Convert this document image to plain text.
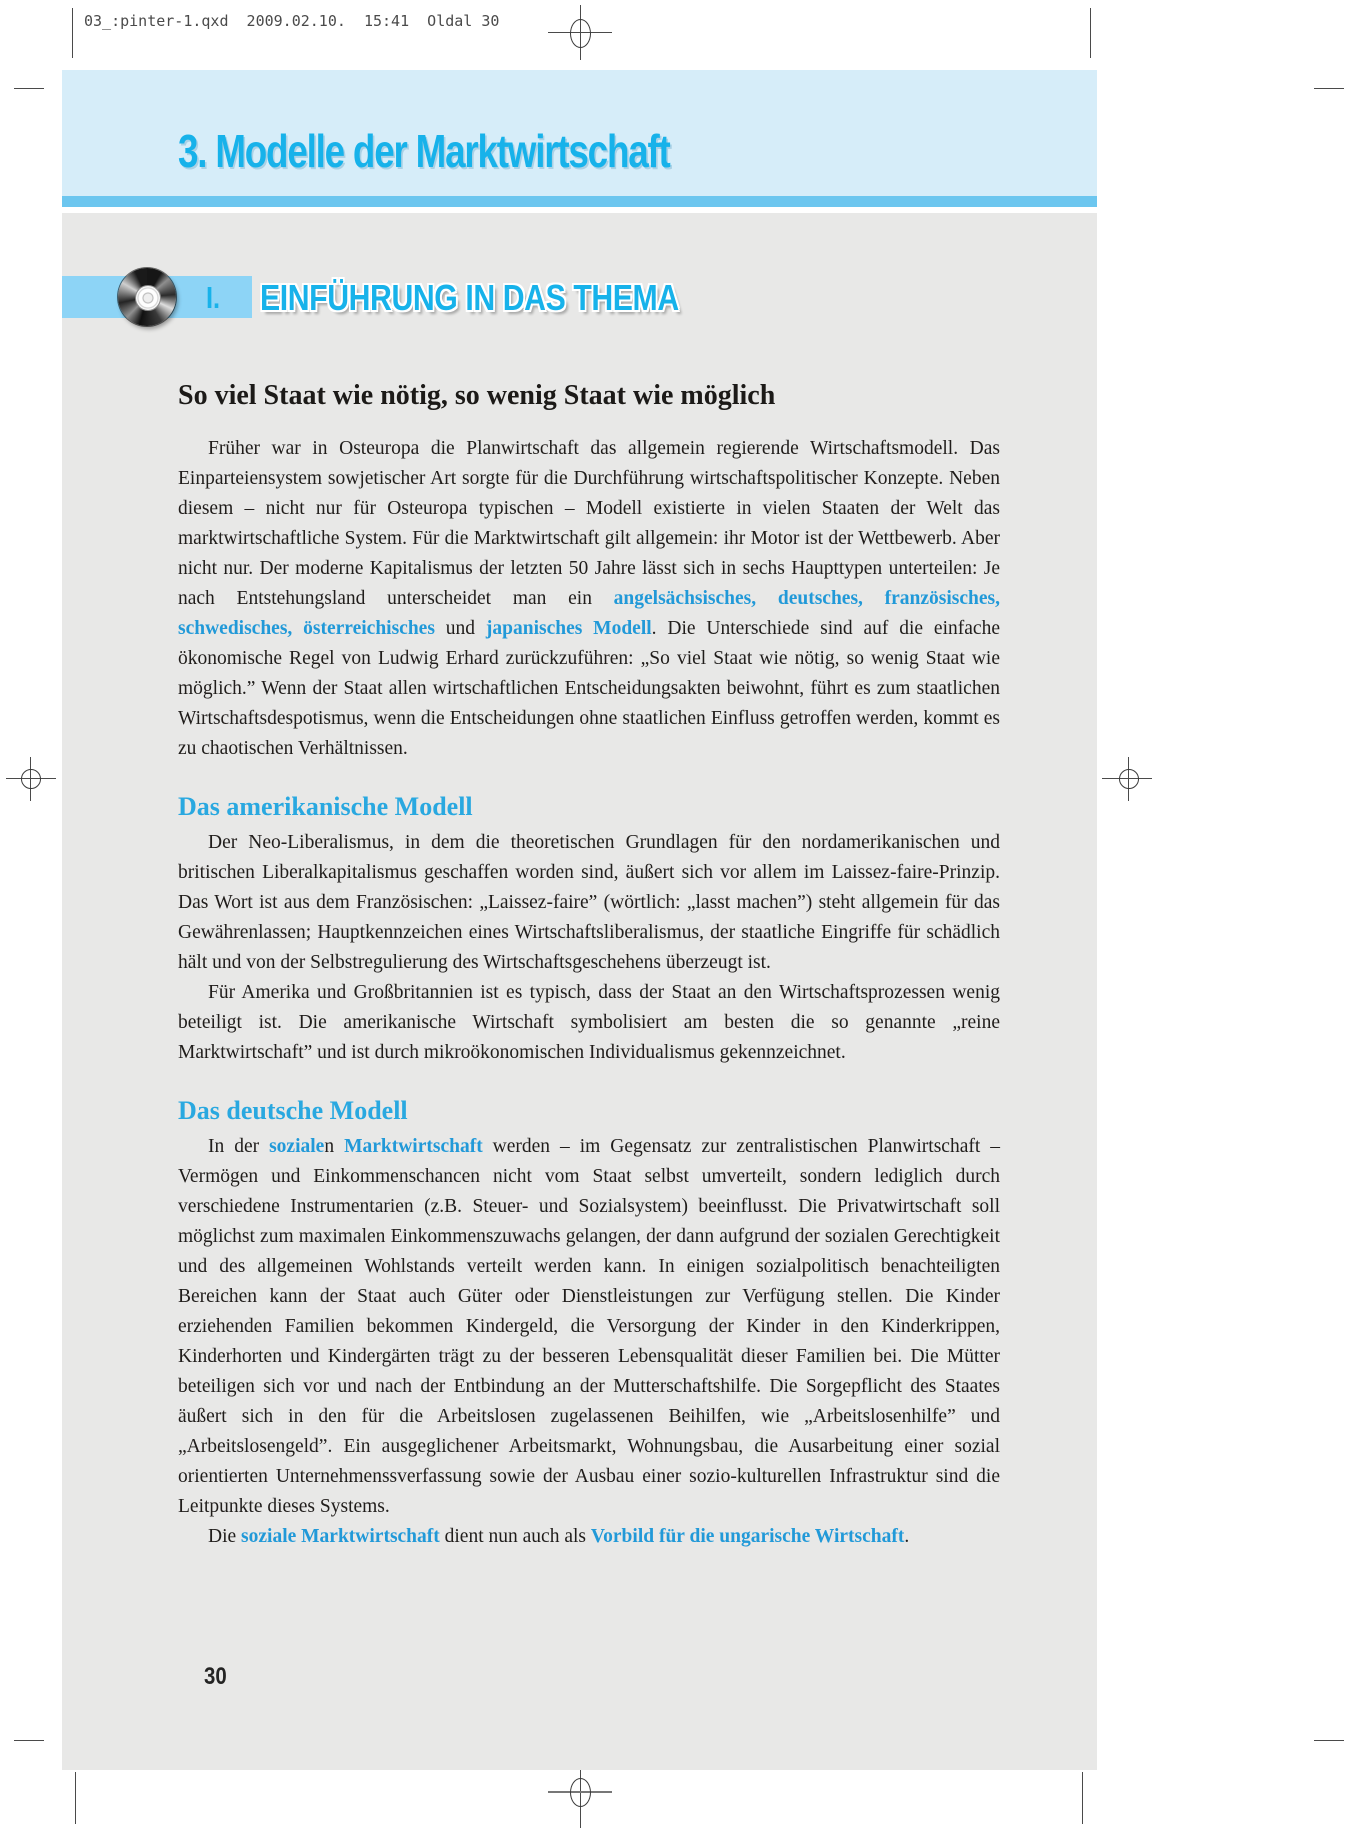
03_:pinter-1.qxd  2009.02.10.  15:41  Oldal 30
3. Modelle der Marktwirtschaft
I. EINFÜHRUNG IN DAS THEMA
So viel Staat wie nötig, so wenig Staat wie möglich

Früher war in Osteuropa die Planwirtschaft das allgemein regierende Wirtschaftsmodell. Das Einparteiensystem sowjetischer Art sorgte für die Durchführung wirtschaftspolitischer Konzepte. Neben diesem – nicht nur für Osteuropa typischen – Modell existierte in vielen Staaten der Welt das marktwirtschaftliche System. Für die Marktwirtschaft gilt allgemein: ihr Motor ist der Wettbewerb. Aber nicht nur. Der moderne Kapitalismus der letzten 50 Jahre lässt sich in sechs Haupttypen unterteilen: Je nach Entstehungsland unterscheidet man ein angelsächsisches, deutsches, französisches, schwedisches, österreichisches und japanisches Modell. Die Unterschiede sind auf die einfache ökonomische Regel von Ludwig Erhard zurückzuführen: „So viel Staat wie nötig, so wenig Staat wie möglich.” Wenn der Staat allen wirtschaftlichen Entscheidungsakten beiwohnt, führt es zum staatlichen Wirtschaftsdespotismus, wenn die Entscheidungen ohne staatlichen Einfluss getroffen werden, kommt es zu chaotischen Verhältnissen.

Das amerikanische Modell

Der Neo-Liberalismus, in dem die theoretischen Grundlagen für den nordamerikanischen und britischen Liberalkapitalismus geschaffen worden sind, äußert sich vor allem im Laissez-faire-Prinzip. Das Wort ist aus dem Französischen: „Laissez-faire” (wörtlich: „lasst machen”) steht allgemein für das Gewährenlassen; Hauptkennzeichen eines Wirtschaftsliberalismus, der staatliche Eingriffe für schädlich hält und von der Selbstregulierung des Wirtschaftsgeschehens überzeugt ist.

Für Amerika und Großbritannien ist es typisch, dass der Staat an den Wirtschaftsprozessen wenig beteiligt ist. Die amerikanische Wirtschaft symbolisiert am besten die so genannte „reine Marktwirtschaft” und ist durch mikroökonomischen Individualismus gekennzeichnet.

Das deutsche Modell

In der sozialen Marktwirtschaft werden – im Gegensatz zur zentralistischen Planwirtschaft – Vermögen und Einkommenschancen nicht vom Staat selbst umverteilt, sondern lediglich durch verschiedene Instrumentarien (z.B. Steuer- und Sozialsystem) beeinflusst. Die Privatwirtschaft soll möglichst zum maximalen Einkommenszuwachs gelangen, der dann aufgrund der sozialen Gerechtigkeit und des allgemeinen Wohlstands verteilt werden kann. In einigen sozialpolitisch benachteiligten Bereichen kann der Staat auch Güter oder Dienstleistungen zur Verfügung stellen. Die Kinder erziehenden Familien bekommen Kindergeld, die Versorgung der Kinder in den Kinderkrippen, Kinderhorten und Kindergärten trägt zu der besseren Lebensqualität dieser Familien bei. Die Mütter beteiligen sich vor und nach der Entbindung an der Mutterschaftshilfe. Die Sorgepflicht des Staates äußert sich in den für die Arbeitslosen zugelassenen Beihilfen, wie „Arbeitslosenhilfe” und „Arbeitslosengeld”. Ein ausgeglichener Arbeitsmarkt, Wohnungsbau, die Ausarbeitung einer sozial orientierten Unternehmenssverfassung sowie der Ausbau einer sozio-kulturellen Infrastruktur sind die Leitpunkte dieses Systems.

Die soziale Marktwirtschaft dient nun auch als Vorbild für die ungarische Wirtschaft.

30
